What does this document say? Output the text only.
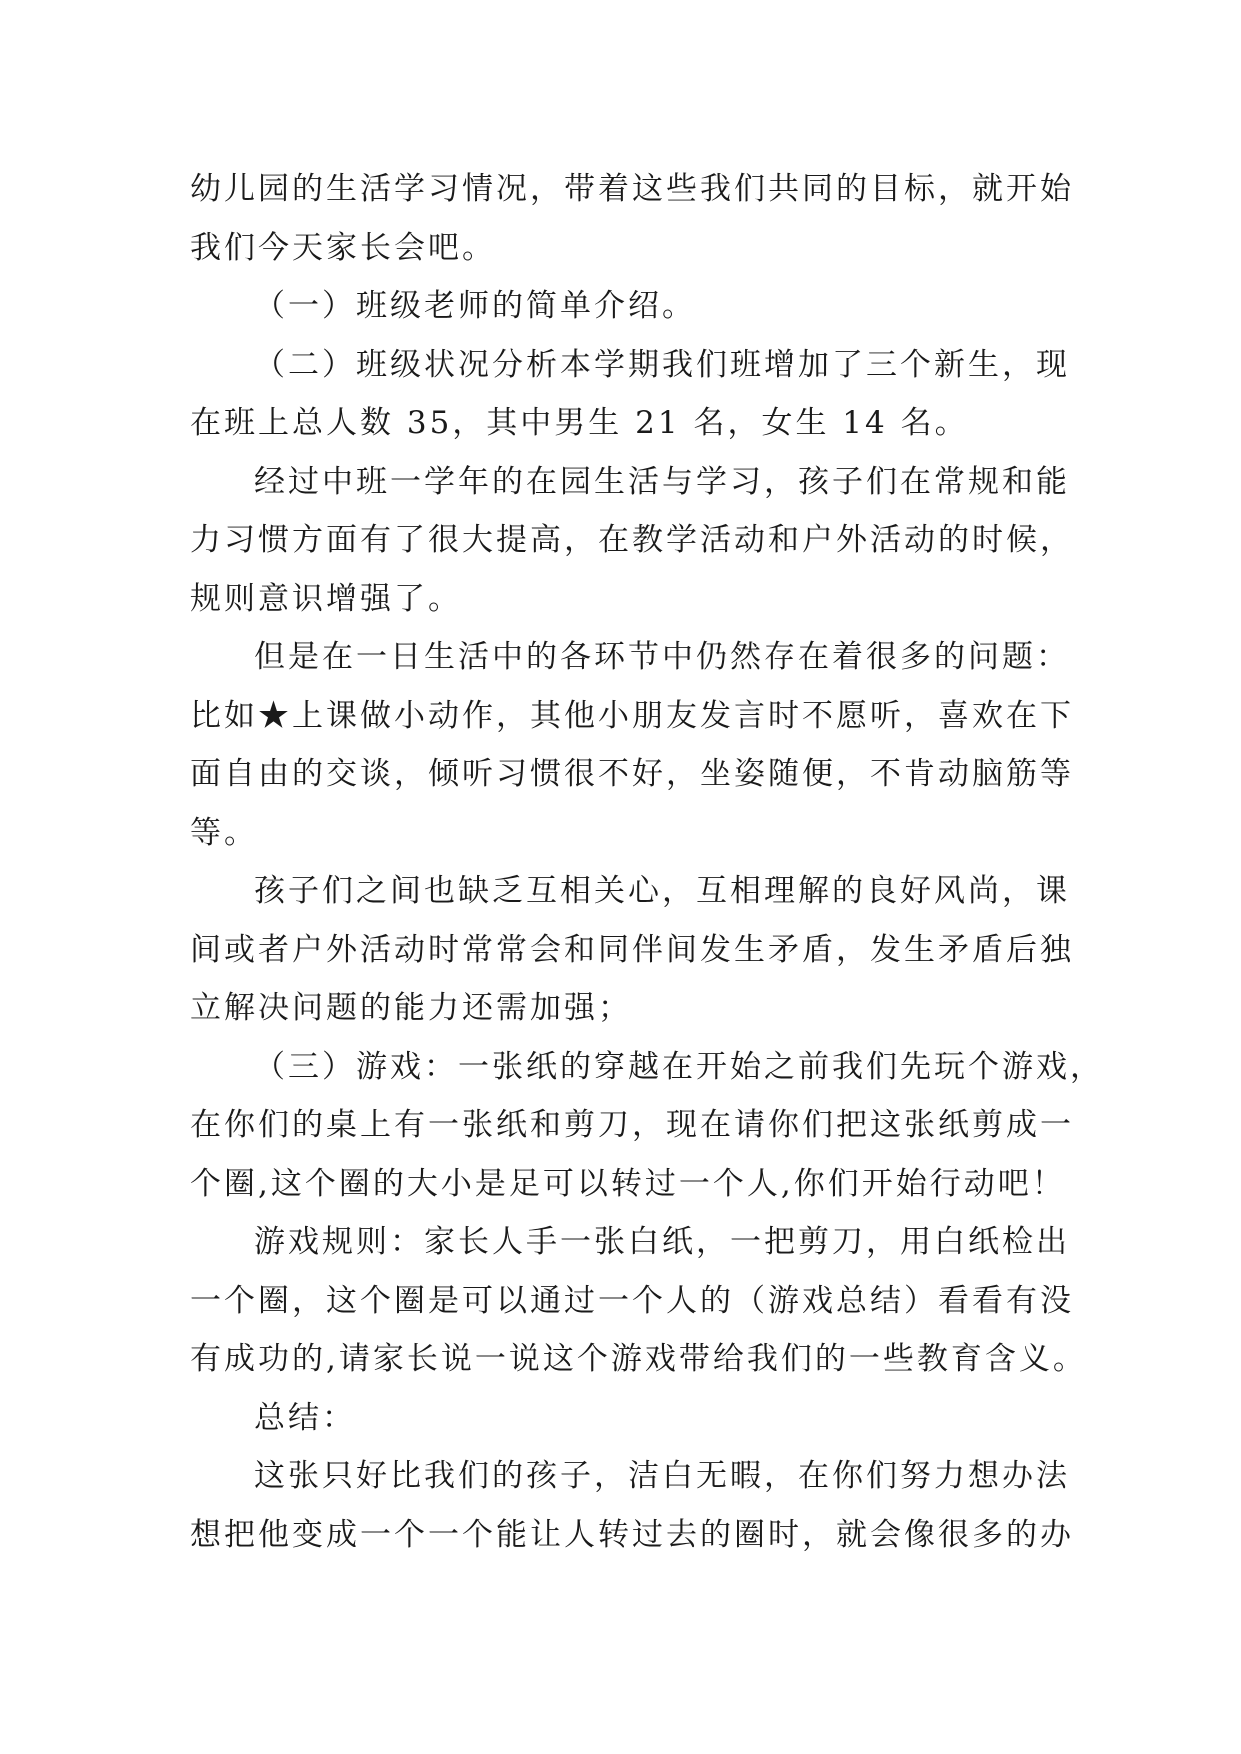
幼儿园的生活学习情况，带着这些我们共同的目标，就开始
我们今天家长会吧。
（一）班级老师的简单介绍。
（二）班级状况分析本学期我们班增加了三个新生，现
在班上总人数 35，其中男生 21 名，女生 14 名。
经过中班一学年的在园生活与学习，孩子们在常规和能
力习惯方面有了很大提高，在教学活动和户外活动的时候，
规则意识增强了。
但是在一日生活中的各环节中仍然存在着很多的问题：
比如★上课做小动作，其他小朋友发言时不愿听，喜欢在下
面自由的交谈，倾听习惯很不好，坐姿随便，不肯动脑筋等
等。
孩子们之间也缺乏互相关心，互相理解的良好风尚，课
间或者户外活动时常常会和同伴间发生矛盾，发生矛盾后独
立解决问题的能力还需加强；
（三）游戏：一张纸的穿越在开始之前我们先玩个游戏，
在你们的桌上有一张纸和剪刀，现在请你们把这张纸剪成一
个圈,这个圈的大小是足可以转过一个人,你们开始行动吧！
游戏规则：家长人手一张白纸，一把剪刀，用白纸检出
一个圈，这个圈是可以通过一个人的（游戏总结）看看有没
有成功的,请家长说一说这个游戏带给我们的一些教育含义。
总结：
这张只好比我们的孩子，洁白无暇，在你们努力想办法
想把他变成一个一个能让人转过去的圈时，就会像很多的办
